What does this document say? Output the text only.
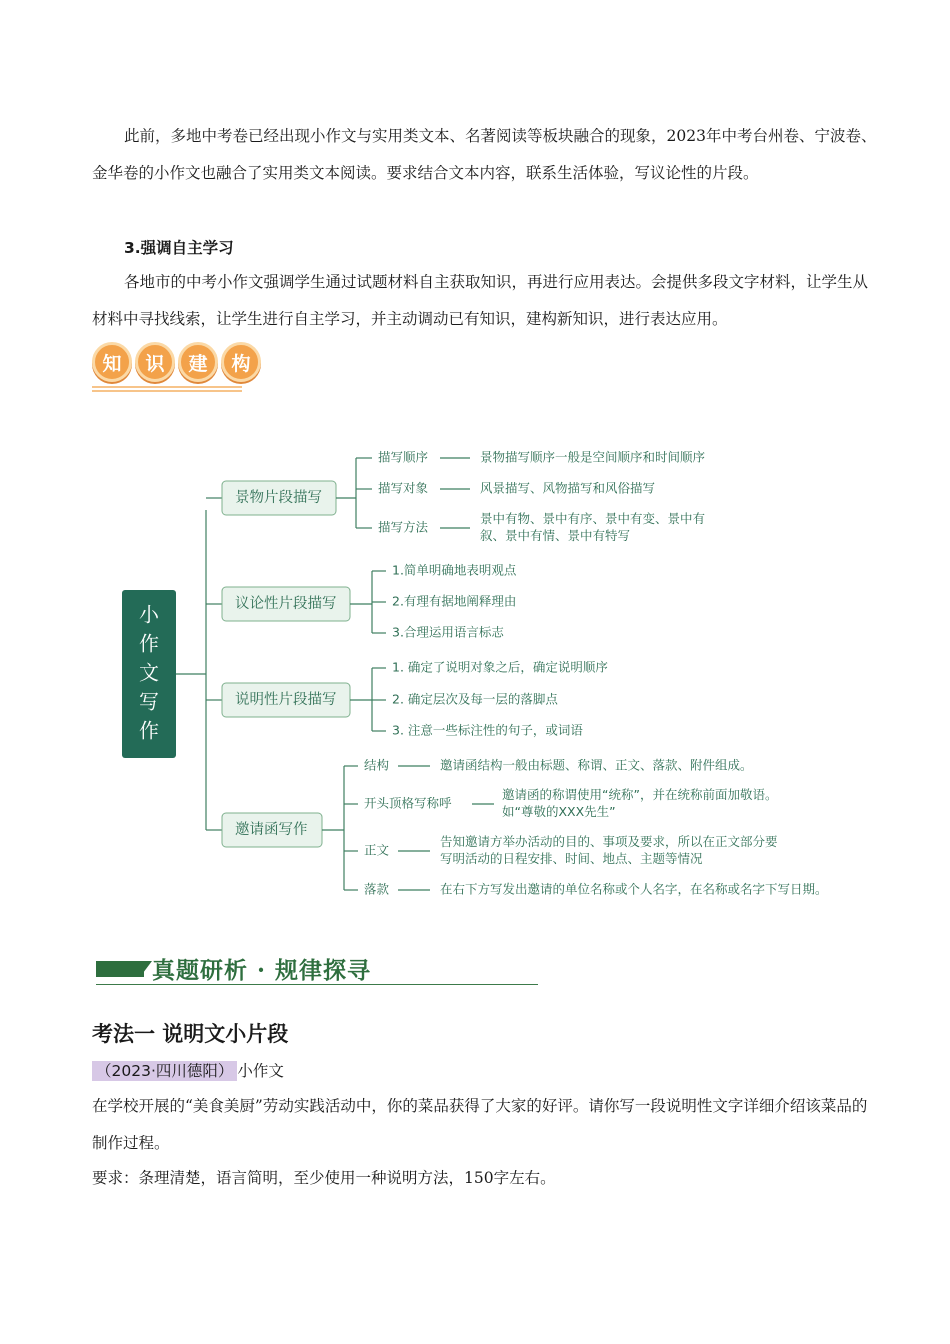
此前，多地中考卷已经出现小作文与实用类文本、名著阅读等板块融合的现象，2023年中考台州卷、宁波卷、金华卷的小作文也融合了实用类文本阅读。要求结合文本内容，联系生活体验，写议论性的片段。

3.强调自主学习

各地市的中考小作文强调学生通过试题材料自主获取知识，再进行应用表达。会提供多段文字材料，让学生从材料中寻找线索，让学生进行自主学习，并主动调动已有知识，建构新知识，进行表达应用。

知	识	建	构
小
作
文
写
作
景物片段描写
描写顺序	景物描写顺序一般是空间顺序和时间顺序
描写对象	风景描写、风物描写和风俗描写
描写方法
景中有物、景中有序、景中有变、景中有
叙、景中有情、景中有特写
议论性片段描写
1.简单明确地表明观点
2.有理有据地阐释理由
3.合理运用语言标志
说明性片段描写
1. 确定了说明对象之后，确定说明顺序
2. 确定层次及每一层的落脚点
3. 注意一些标注性的句子，或词语
邀请函写作
结构	邀请函结构一般由标题、称谓、正文、落款、附件组成。
开头顶格写称呼
邀请函的称谓使用“统称”，并在统称前面加敬语。
如“尊敬的XXX先生”
正文
告知邀请方举办活动的目的、事项及要求，所以在正文部分要
写明活动的日程安排、时间、地点、主题等情况
落款	在右下方写发出邀请的单位名称或个人名字，在名称或名字下写日期。
真题研析 · 规律探寻
考法一 说明文小片段
（2023·四川德阳） 小作文

在学校开展的“美食美厨”劳动实践活动中，你的菜品获得了大家的好评。请你写一段说明性文字详细介绍该菜品的制作过程。

要求：条理清楚，语言简明，至少使用一种说明方法，150字左右。
